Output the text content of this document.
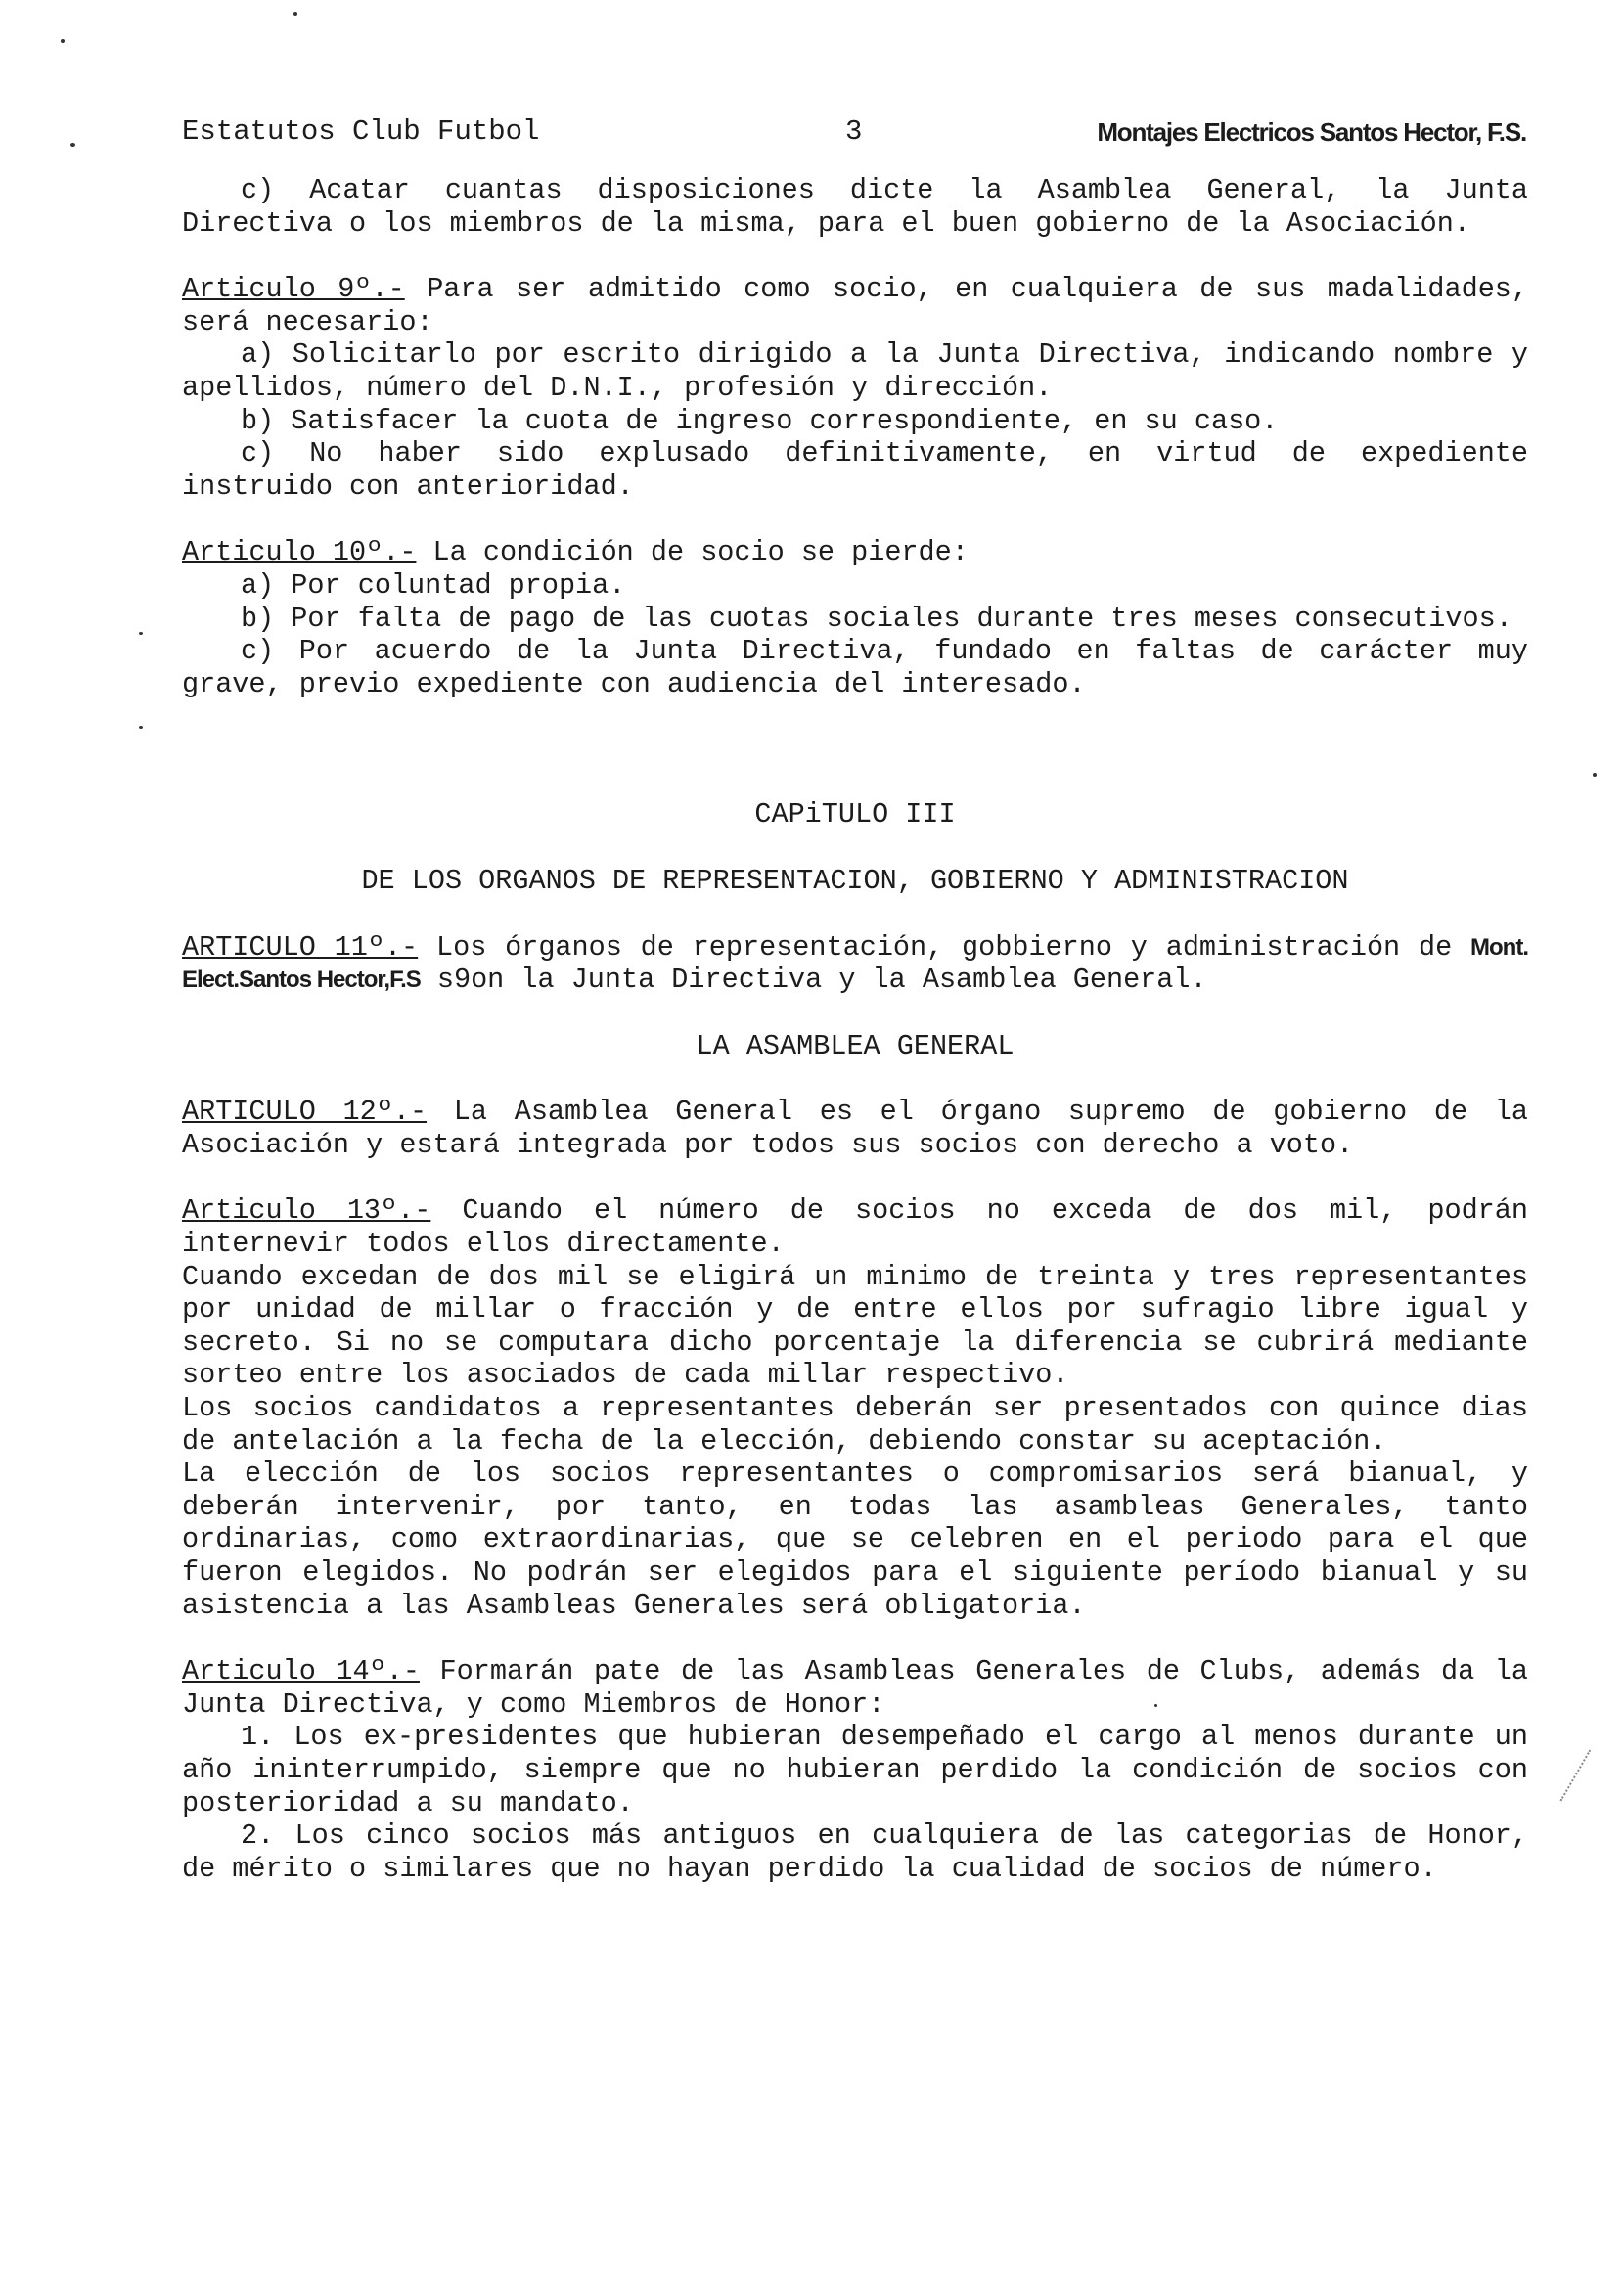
Estatutos Club Futbol	3	Montajes Electricos Santos Hector, F.S.

c) Acatar cuantas disposiciones dicte la Asamblea General, la Junta Directiva o los miembros de la misma, para el buen gobierno de la Asociación.

Articulo 9º.- Para ser admitido como socio, en cualquiera de sus madalidades, será necesario:

a) Solicitarlo por escrito dirigido a la Junta Directiva, indicando nombre y apellidos, número del D.N.I., profesión y dirección.

b) Satisfacer la cuota de ingreso correspondiente, en su caso.

c) No haber sido explusado definitivamente, en virtud de expediente instruido con anterioridad.

Articulo 10º.- La condición de socio se pierde:

a) Por coluntad propia.

b) Por falta de pago de las cuotas sociales durante tres meses consecutivos.

c) Por acuerdo de la Junta Directiva, fundado en faltas de carácter muy grave, previo expediente con audiencia del interesado.

CAPiTULO III

DE LOS ORGANOS DE REPRESENTACION, GOBIERNO Y ADMINISTRACION

ARTICULO 11º.- Los órganos de representación, gobbierno y administración de Mont. Elect.Santos Hector,F.S s9on la Junta Directiva y la Asamblea General.

LA ASAMBLEA GENERAL

ARTICULO 12º.- La Asamblea General es el órgano supremo de gobierno de la Asociación y estará integrada por todos sus socios con derecho a voto.

Articulo 13º.- Cuando el número de socios no exceda de dos mil, podrán internevir todos ellos directamente.

Cuando excedan de dos mil se eligirá un minimo de treinta y tres representantes por unidad de millar o fracción y de entre ellos por sufragio libre igual y secreto. Si no se computara dicho porcentaje la diferencia se cubrirá mediante sorteo entre los asociados de cada millar respectivo.

Los socios candidatos a representantes deberán ser presentados con quince dias de antelación a la fecha de la elección, debiendo constar su aceptación.

La elección de los socios representantes o compromisarios será bianual, y deberán intervenir, por tanto, en todas las asambleas Generales, tanto ordinarias, como extraordinarias, que se celebren en el periodo para el que fueron elegidos. No podrán ser elegidos para el siguiente período bianual y su asistencia a las Asambleas Generales será obligatoria.

Articulo 14º.- Formarán pate de las Asambleas Generales de Clubs, además da la Junta Directiva, y como Miembros de Honor:

1. Los ex-presidentes que hubieran desempeñado el cargo al menos durante un año ininterrumpido, siempre que no hubieran perdido la condición de socios con posterioridad a su mandato.

2. Los cinco socios más antiguos en cualquiera de las categorias de Honor, de mérito o similares que no hayan perdido la cualidad de socios de número.
